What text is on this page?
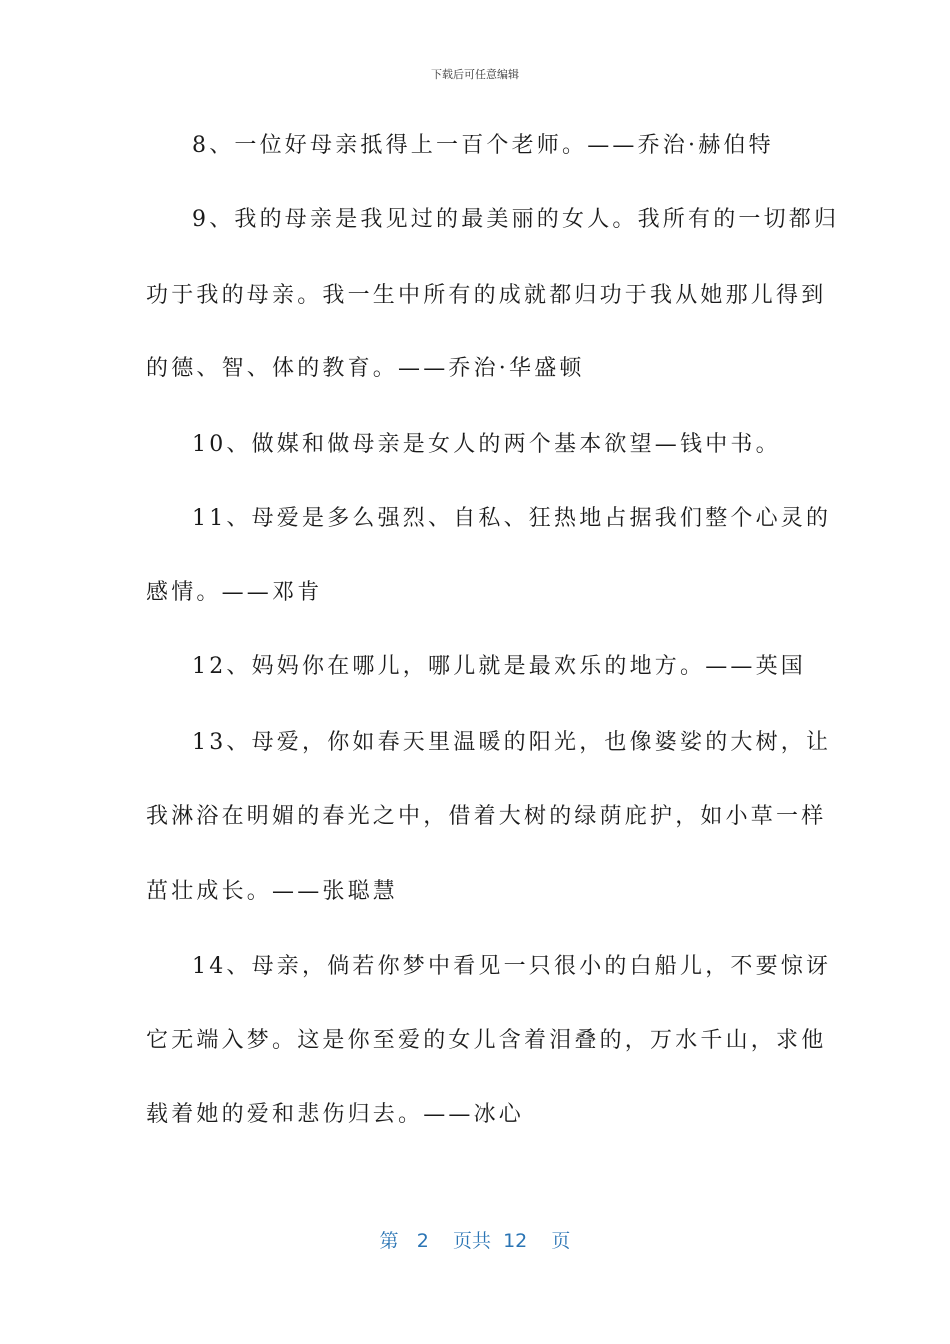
下载后可任意编辑
8、一位好母亲抵得上一百个老师。——乔治·赫伯特
9、我的母亲是我见过的最美丽的女人。我所有的一切都归
功于我的母亲。我一生中所有的成就都归功于我从她那儿得到
的德、智、体的教育。——乔治·华盛顿
10、做媒和做母亲是女人的两个基本欲望—钱中书。
11、母爱是多么强烈、自私、狂热地占据我们整个心灵的
感情。——邓肯
12、妈妈你在哪儿，哪儿就是最欢乐的地方。——英国
13、母爱，你如春天里温暖的阳光，也像婆娑的大树，让
我淋浴在明媚的春光之中，借着大树的绿荫庇护，如小草一样
茁壮成长。——张聪慧
14、母亲，倘若你梦中看见一只很小的白船儿，不要惊讶
它无端入梦。这是你至爱的女儿含着泪叠的，万水千山，求他
载着她的爱和悲伤归去。——冰心
第 2 页共 12 页
